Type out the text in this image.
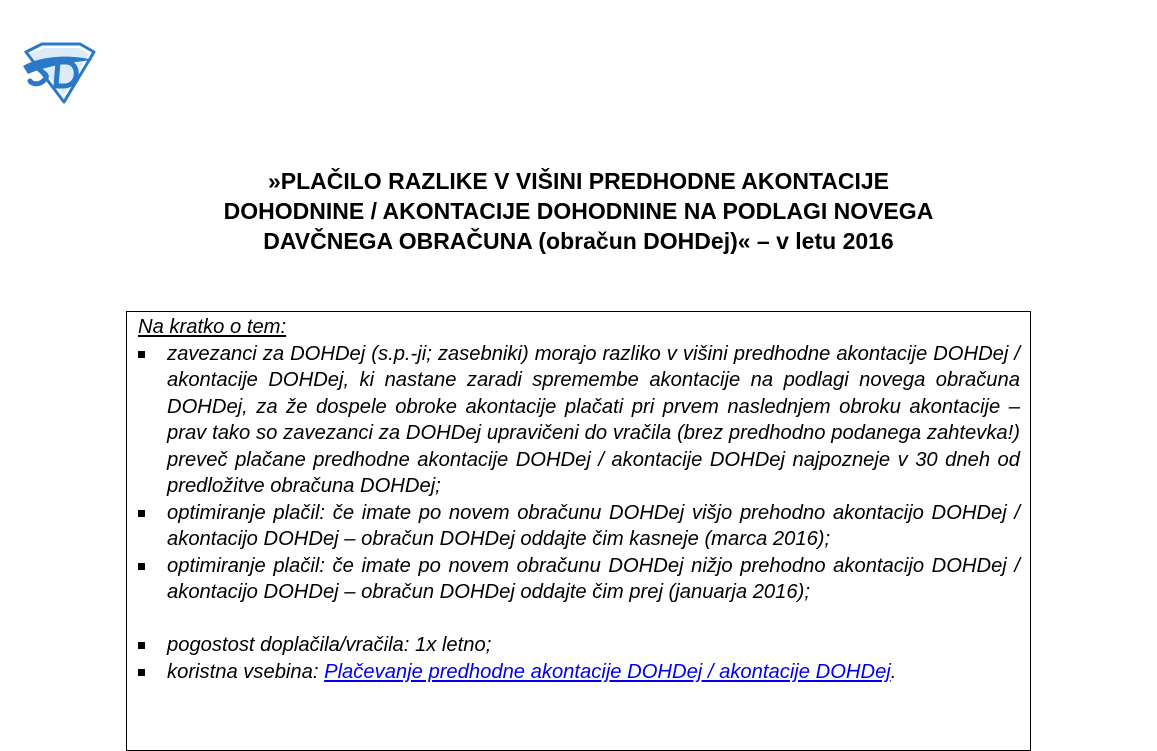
»PLAČILO RAZLIKE V VIŠINI PREDHODNE AKONTACIJE
DOHODNINE / AKONTACIJE DOHODNINE NA PODLAGI NOVEGA
DAVČNEGA OBRAČUNA (obračun DOHDej)« – v letu 2016
Na kratko o tem:
zavezanci za DOHDej (s.p.-ji; zasebniki) morajo razliko v višini predhodne akontacije DOHDej / akontacije DOHDej, ki nastane zaradi spremembe akontacije na podlagi novega obračuna DOHDej, za že dospele obroke akontacije plačati pri prvem naslednjem obroku akontacije – prav tako so zavezanci za DOHDej upravičeni do vračila (brez predhodno podanega zahtevka!) preveč plačane predhodne akontacije DOHDej / akontacije DOHDej najpozneje v 30 dneh od predložitve obračuna DOHDej;
optimiranje plačil: če imate po novem obračunu DOHDej višjo prehodno akontacijo DOHDej / akontacijo DOHDej – obračun DOHDej oddajte čim kasneje (marca 2016);
optimiranje plačil: če imate po novem obračunu DOHDej nižjo prehodno akontacijo DOHDej / akontacijo DOHDej – obračun DOHDej oddajte čim prej (januarja 2016);
pogostost doplačila/vračila: 1x letno;
koristna vsebina: Plačevanje predhodne akontacije DOHDej / akontacije DOHDej.
